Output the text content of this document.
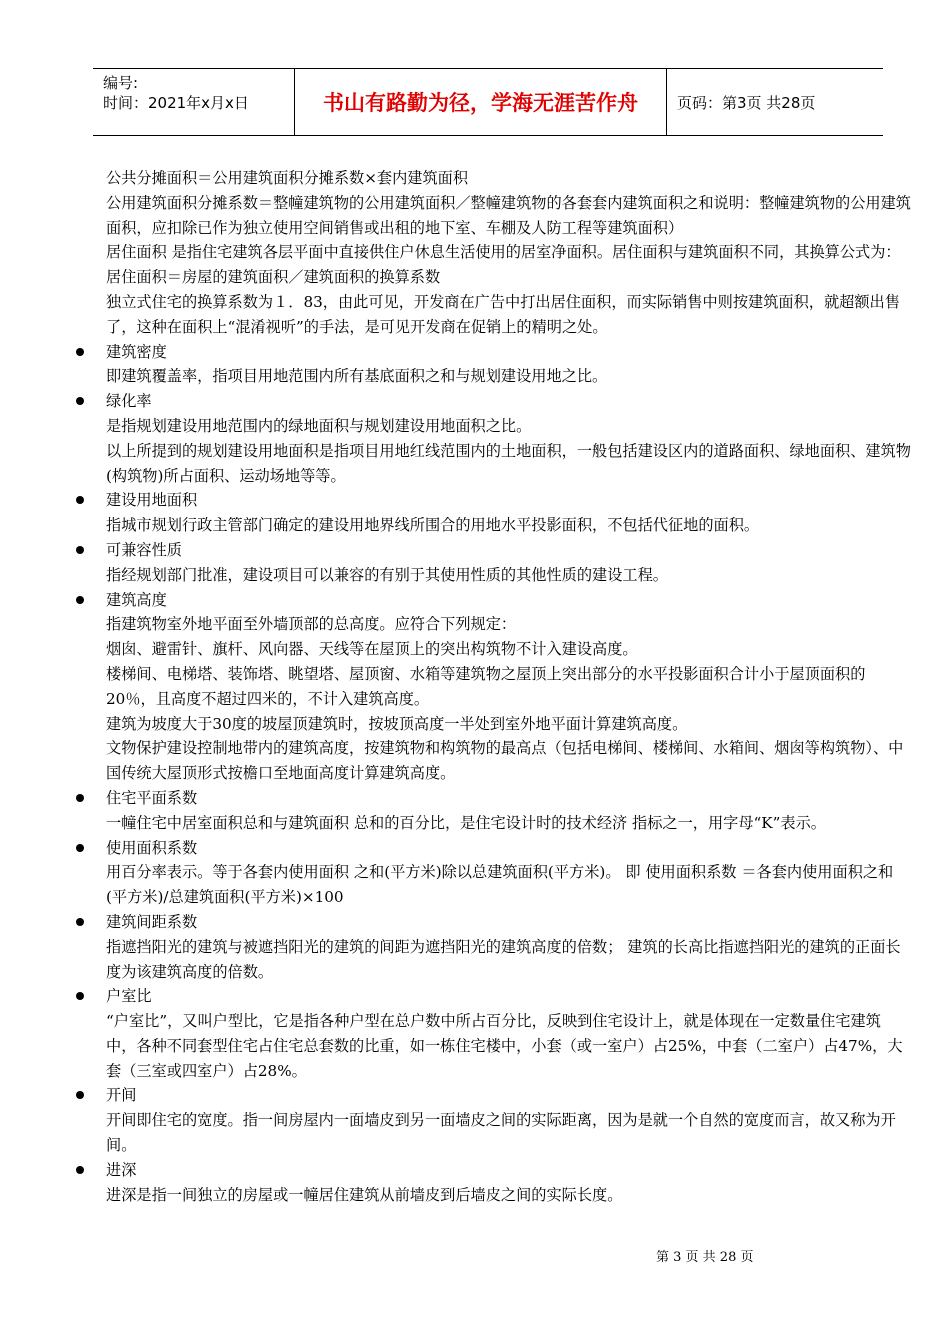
编号:
时间：2021年x月x日	书山有路勤为径，学海无涯苦作舟	页码：第3页 共28页

公共分摊面积＝公用建筑面积分摊系数×套内建筑面积

公用建筑面积分摊系数＝整幢建筑物的公用建筑面积／整幢建筑物的各套套内建筑面积之和说明：整幢建筑物的公用建筑面积，应扣除已作为独立使用空间销售或出租的地下室、车棚及人防工程等建筑面积）

居住面积 是指住宅建筑各层平面中直接供住户休息生活使用的居室净面积。居住面积与建筑面积不同，其换算公式为：

居住面积＝房屋的建筑面积／建筑面积的换算系数

独立式住宅的换算系数为１．83，由此可见，开发商在广告中打出居住面积，而实际销售中则按建筑面积，就超额出售了，这种在面积上“混淆视听”的手法，是可见开发商在促销上的精明之处。

建筑密度

即建筑覆盖率，指项目用地范围内所有基底面积之和与规划建设用地之比。

绿化率

是指规划建设用地范围内的绿地面积与规划建设用地面积之比。

以上所提到的规划建设用地面积是指项目用地红线范围内的土地面积，一般包括建设区内的道路面积、绿地面积、建筑物(构筑物)所占面积、运动场地等等。

建设用地面积

指城市规划行政主管部门确定的建设用地界线所围合的用地水平投影面积，不包括代征地的面积。

可兼容性质

指经规划部门批准，建设项目可以兼容的有别于其使用性质的其他性质的建设工程。

建筑高度

指建筑物室外地平面至外墙顶部的总高度。应符合下列规定：

烟囱、避雷针、旗杆、风向器、天线等在屋顶上的突出构筑物不计入建设高度。

楼梯间、电梯塔、装饰塔、眺望塔、屋顶窗、水箱等建筑物之屋顶上突出部分的水平投影面积合计小于屋顶面积的20％，且高度不超过四米的，不计入建筑高度。

建筑为坡度大于30度的坡屋顶建筑时，按坡顶高度一半处到室外地平面计算建筑高度。

文物保护建设控制地带内的建筑高度，按建筑物和构筑物的最高点（包括电梯间、楼梯间、水箱间、烟囱等构筑物）、中国传统大屋顶形式按檐口至地面高度计算建筑高度。

住宅平面系数

一幢住宅中居室面积总和与建筑面积 总和的百分比，是住宅设计时的技术经济 指标之一，用字母“K”表示。

使用面积系数

用百分率表示。等于各套内使用面积 之和(平方米)除以总建筑面积(平方米)。 即 使用面积系数 ＝各套内使用面积之和(平方米)/总建筑面积(平方米)×100

建筑间距系数

指遮挡阳光的建筑与被遮挡阳光的建筑的间距为遮挡阳光的建筑高度的倍数； 建筑的长高比指遮挡阳光的建筑的正面长度为该建筑高度的倍数。

户室比

“户室比”，又叫户型比，它是指各种户型在总户数中所占百分比，反映到住宅设计上，就是体现在一定数量住宅建筑中，各种不同套型住宅占住宅总套数的比重，如一栋住宅楼中，小套（或一室户）占25%，中套（二室户）占47%，大套（三室或四室户）占28%。

开间

开间即住宅的宽度。指一间房屋内一面墙皮到另一面墙皮之间的实际距离，因为是就一个自然的宽度而言，故又称为开间。

进深

进深是指一间独立的房屋或一幢居住建筑从前墙皮到后墙皮之间的实际长度。

第 3 页 共 28 页
